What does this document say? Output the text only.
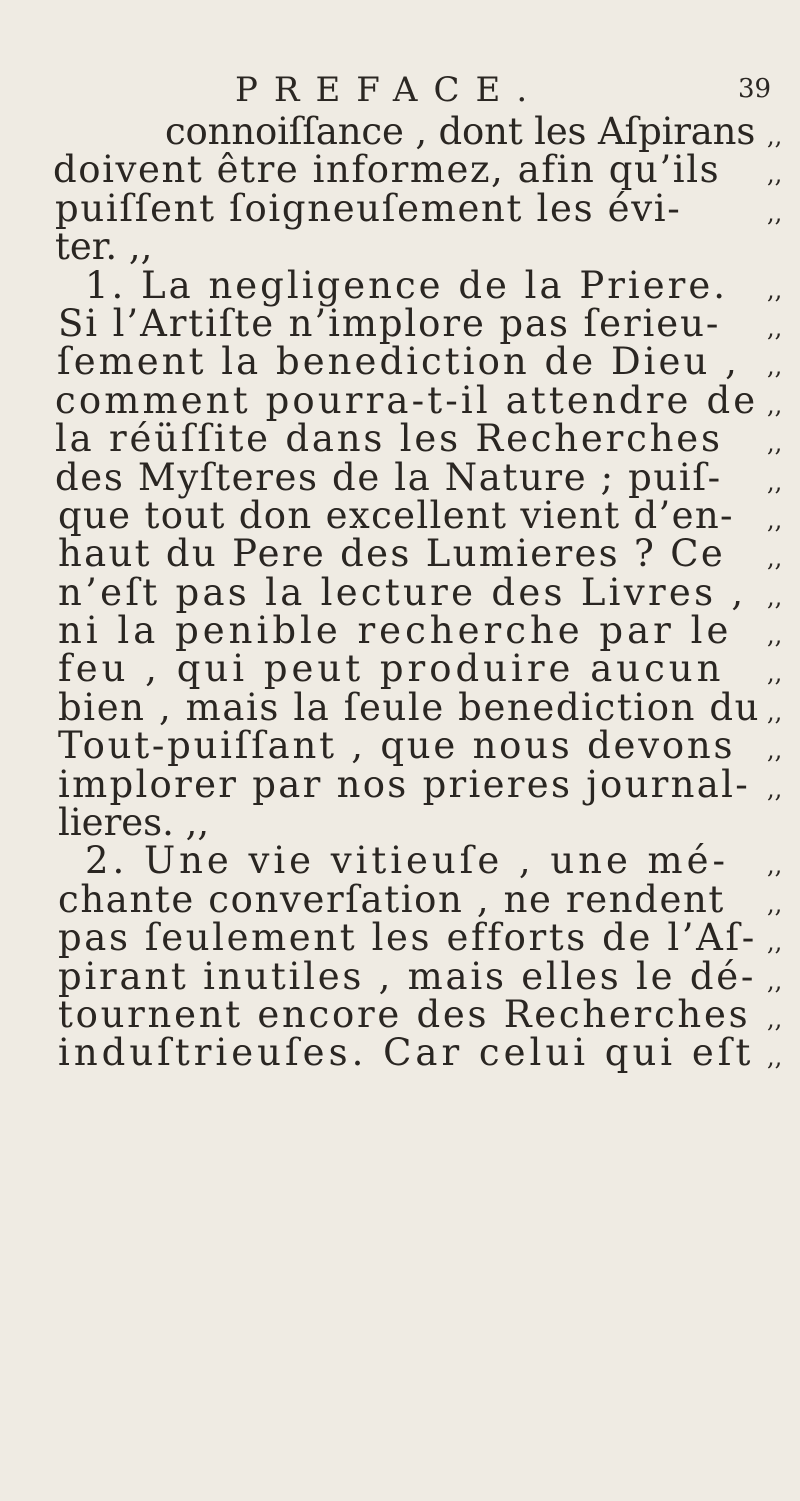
PREFACE.	39
connoiſſance , dont les Aſpirans ,,
doivent être informez, afin qu’ils ,,
puiſſent ſoigneuſement les évi-	,,
ter. ,,
1. La negligence de la Priere. ,,
Si l’Artiſte n’implore pas ſerieu- ,,
ſement la benediction de Dieu , ,,
comment pourra-t-il attendre de ,,
la réüſſite dans les Recherches ,,
des Myſteres de la Nature ; puiſ- ,,
que tout don excellent vient d’en- ,,
haut du Pere des Lumieres ? Ce ,,
n’eſt pas la lecture des Livres , ,,
ni la penible recherche par le ,,
feu , qui peut produire aucun ,,
bien , mais la ſeule benediction du ,,
Tout-puiſſant , que nous devons ,,
implorer par nos prieres journal- ,,
lieres. ,,
2. Une vie vitieuſe , une mé- ,,
chante converſation , ne rendent ,,
pas ſeulement les efforts de l’Aſ- ,,
pirant inutiles , mais elles le dé- ,,
tournent encore des Recherches ,,
induſtrieuſes. Car celui qui eſt ,,
